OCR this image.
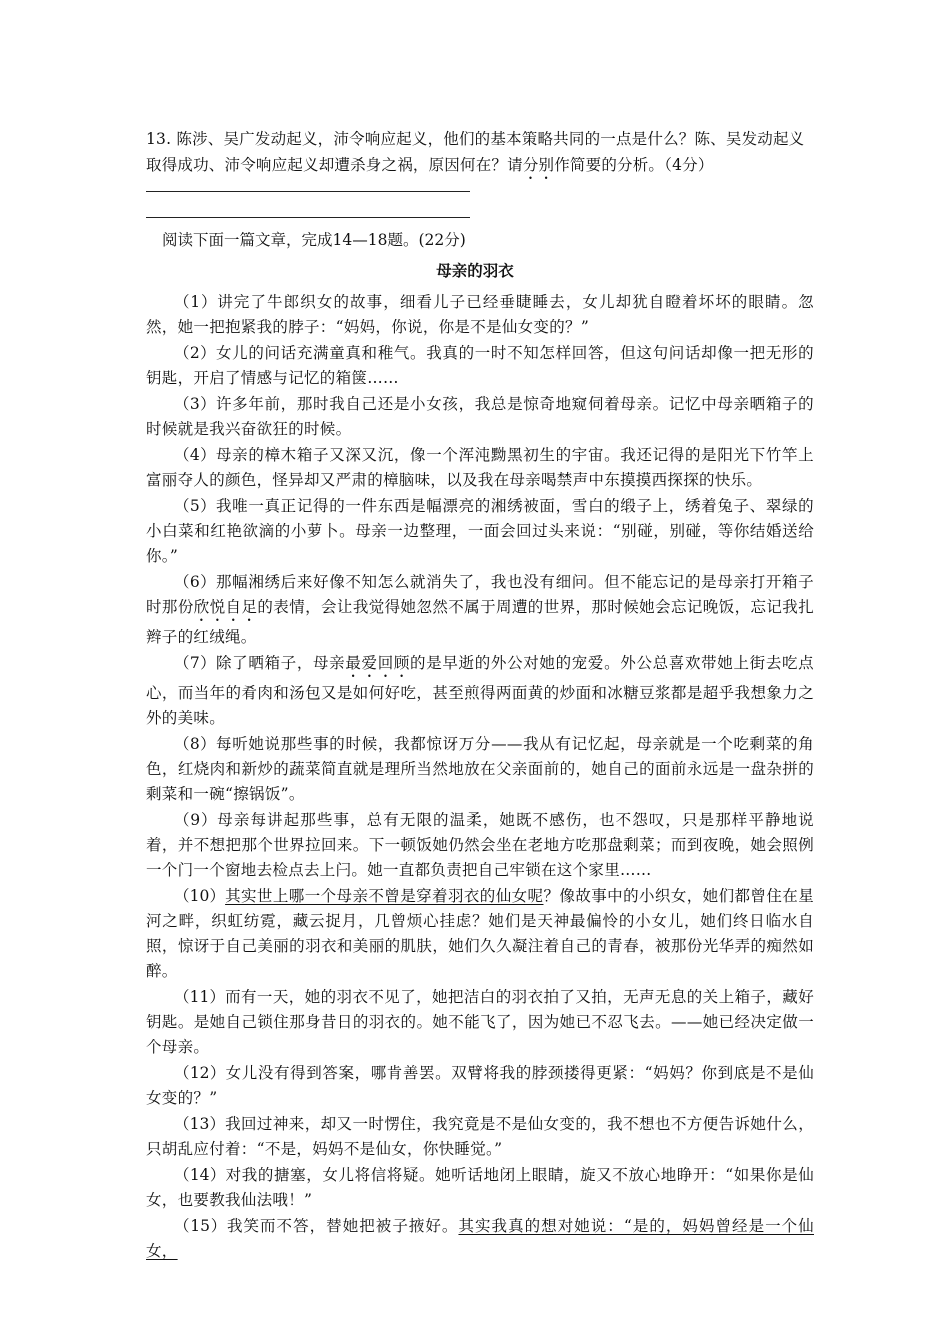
13. 陈涉、吴广发动起义，沛令响应起义，他们的基本策略共同的一点是什么？陈、吴发动起义取得成功、沛令响应起义却遭杀身之祸，原因何在？请分别作简要的分析。（4分）
阅读下面一篇文章，完成14—18题。(22分)
母亲的羽衣

（1）讲完了牛郎织女的故事，细看儿子已经垂睫睡去，女儿却犹自瞪着坏坏的眼睛。忽然，她一把抱紧我的脖子：“妈妈，你说，你是不是仙女变的？”

（2）女儿的问话充满童真和稚气。我真的一时不知怎样回答，但这句问话却像一把无形的钥匙，开启了情感与记忆的箱箧……

（3）许多年前，那时我自己还是小女孩，我总是惊奇地窥伺着母亲。记忆中母亲晒箱子的时候就是我兴奋欲狂的时候。

（4）母亲的樟木箱子又深又沉，像一个浑沌黝黑初生的宇宙。我还记得的是阳光下竹竿上富丽夺人的颜色，怪异却又严肃的樟脑味，以及我在母亲喝禁声中东摸摸西探探的快乐。

（5）我唯一真正记得的一件东西是幅漂亮的湘绣被面，雪白的缎子上，绣着兔子、翠绿的小白菜和红艳欲滴的小萝卜。母亲一边整理，一面会回过头来说：“别碰，别碰，等你结婚送给你。”

（6）那幅湘绣后来好像不知怎么就消失了，我也没有细问。但不能忘记的是母亲打开箱子时那份欣悦自足的表情，会让我觉得她忽然不属于周遭的世界，那时候她会忘记晚饭，忘记我扎辫子的红绒绳。

（7）除了晒箱子，母亲最爱回顾的是早逝的外公对她的宠爱。外公总喜欢带她上街去吃点心，而当年的肴肉和汤包又是如何好吃，甚至煎得两面黄的炒面和冰糖豆浆都是超乎我想象力之外的美味。

（8）每听她说那些事的时候，我都惊讶万分——我从有记忆起，母亲就是一个吃剩菜的角色，红烧肉和新炒的蔬菜简直就是理所当然地放在父亲面前的，她自己的面前永远是一盘杂拼的剩菜和一碗“擦锅饭”。

（9）母亲每讲起那些事，总有无限的温柔，她既不感伤，也不怨叹，只是那样平静地说着，并不想把那个世界拉回来。下一顿饭她仍然会坐在老地方吃那盘剩菜；而到夜晚，她会照例一个门一个窗地去检点去上闩。她一直都负责把自己牢锁在这个家里……

（10）其实世上哪一个母亲不曾是穿着羽衣的仙女呢？像故事中的小织女，她们都曾住在星河之畔，织虹纺霓，藏云捉月，几曾烦心挂虑？她们是天神最偏怜的小女儿，她们终日临水自照，惊讶于自己美丽的羽衣和美丽的肌肤，她们久久凝注着自己的青春，被那份光华弄的痴然如醉。

（11）而有一天，她的羽衣不见了，她把洁白的羽衣拍了又拍，无声无息的关上箱子，藏好钥匙。是她自己锁住那身昔日的羽衣的。她不能飞了，因为她已不忍飞去。——她已经决定做一个母亲。

（12）女儿没有得到答案，哪肯善罢。双臂将我的脖颈搂得更紧：“妈妈？你到底是不是仙女变的？”

（13）我回过神来，却又一时愣住，我究竟是不是仙女变的，我不想也不方便告诉她什么，只胡乱应付着：“不是，妈妈不是仙女，你快睡觉。”

（14）对我的搪塞，女儿将信将疑。她听话地闭上眼睛，旋又不放心地睁开：“如果你是仙女，也要教我仙法哦！”

（15）我笑而不答，替她把被子掖好。其实我真的想对她说：“是的，妈妈曾经是一个仙女，
